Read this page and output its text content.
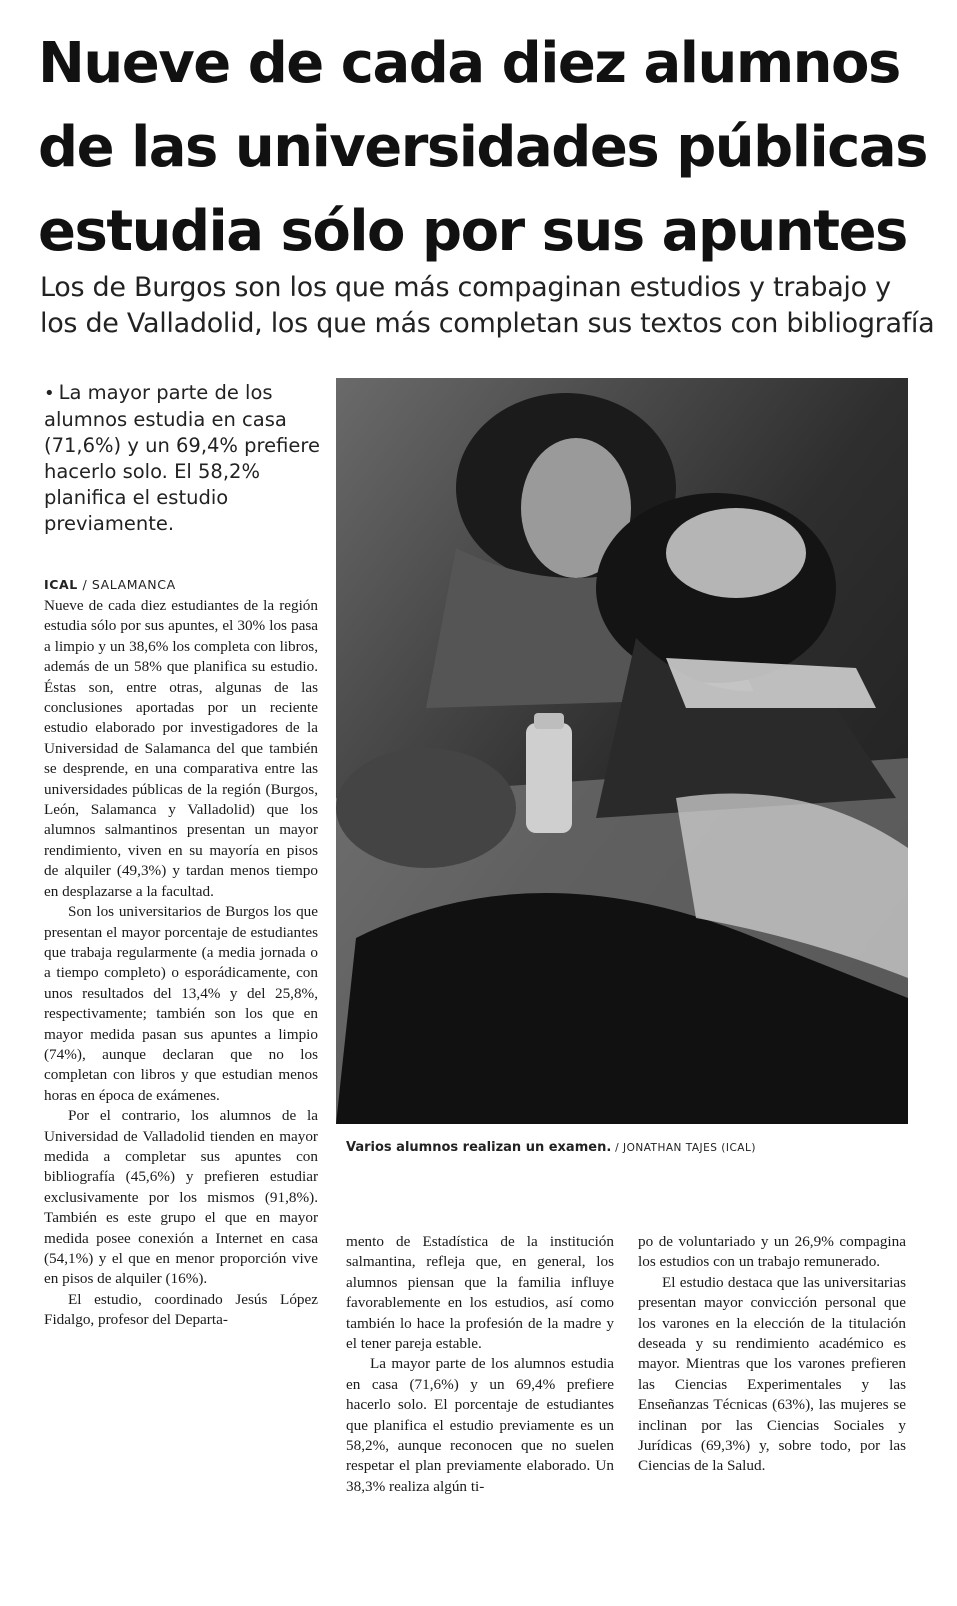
Nueve de cada diez alumnos
de las universidades públicas
estudia sólo por sus apuntes
Los de Burgos son los que más compaginan estudios y trabajo y
los de Valladolid, los que más completan sus textos con bibliografía
• La mayor parte de los alumnos estudia en casa (71,6%) y un 69,4% prefiere hacerlo solo. El 58,2% planifica el estudio previamente.
ICAL / SALAMANCA

Nueve de cada diez estudiantes de la región estudia sólo por sus apuntes, el 30% los pasa a limpio y un 38,6% los completa con libros, además de un 58% que planifica su estudio. Éstas son, entre otras, algunas de las conclusiones aportadas por un reciente estudio elaborado por investigadores de la Universidad de Salamanca del que también se desprende, en una comparativa entre las universidades públicas de la región (Burgos, León, Salamanca y Valladolid) que los alumnos salmantinos presentan un mayor rendimiento, viven en su mayoría en pisos de alquiler (49,3%) y tardan menos tiempo en desplazarse a la facultad.

Son los universitarios de Burgos los que presentan el mayor porcentaje de estudiantes que trabaja regularmente (a media jornada o a tiempo completo) o esporádicamente, con unos resultados del 13,4% y del 25,8%, respectivamente; también son los que en mayor medida pasan sus apuntes a limpio (74%), aunque declaran que no los completan con libros y que estudian menos horas en época de exámenes.

Por el contrario, los alumnos de la Universidad de Valladolid tienden en mayor medida a completar sus apuntes con bibliografía (45,6%) y prefieren estudiar exclusivamente por los mismos (91,8%). También es este grupo el que en mayor medida posee conexión a Internet en casa (54,1%) y el que en menor proporción vive en pisos de alquiler (16%).

El estudio, coordinado Jesús López Fidalgo, profesor del Departa-

Varios alumnos realizan un examen. / JONATHAN TAJES (ICAL)

mento de Estadística de la institución salmantina, refleja que, en general, los alumnos piensan que la familia influye favorablemente en los estudios, así como también lo hace la profesión de la madre y el tener pareja estable.

La mayor parte de los alumnos estudia en casa (71,6%) y un 69,4% prefiere hacerlo solo. El porcentaje de estudiantes que planifica el estudio previamente es un 58,2%, aunque reconocen que no suelen respetar el plan previamente elaborado. Un 38,3% realiza algún ti-

po de voluntariado y un 26,9% compagina los estudios con un trabajo remunerado.

El estudio destaca que las universitarias presentan mayor convicción personal que los varones en la elección de la titulación deseada y su rendimiento académico es mayor. Mientras que los varones prefieren las Ciencias Experimentales y las Enseñanzas Técnicas (63%), las mujeres se inclinan por las Ciencias Sociales y Jurídicas (69,3%) y, sobre todo, por las Ciencias de la Salud.
